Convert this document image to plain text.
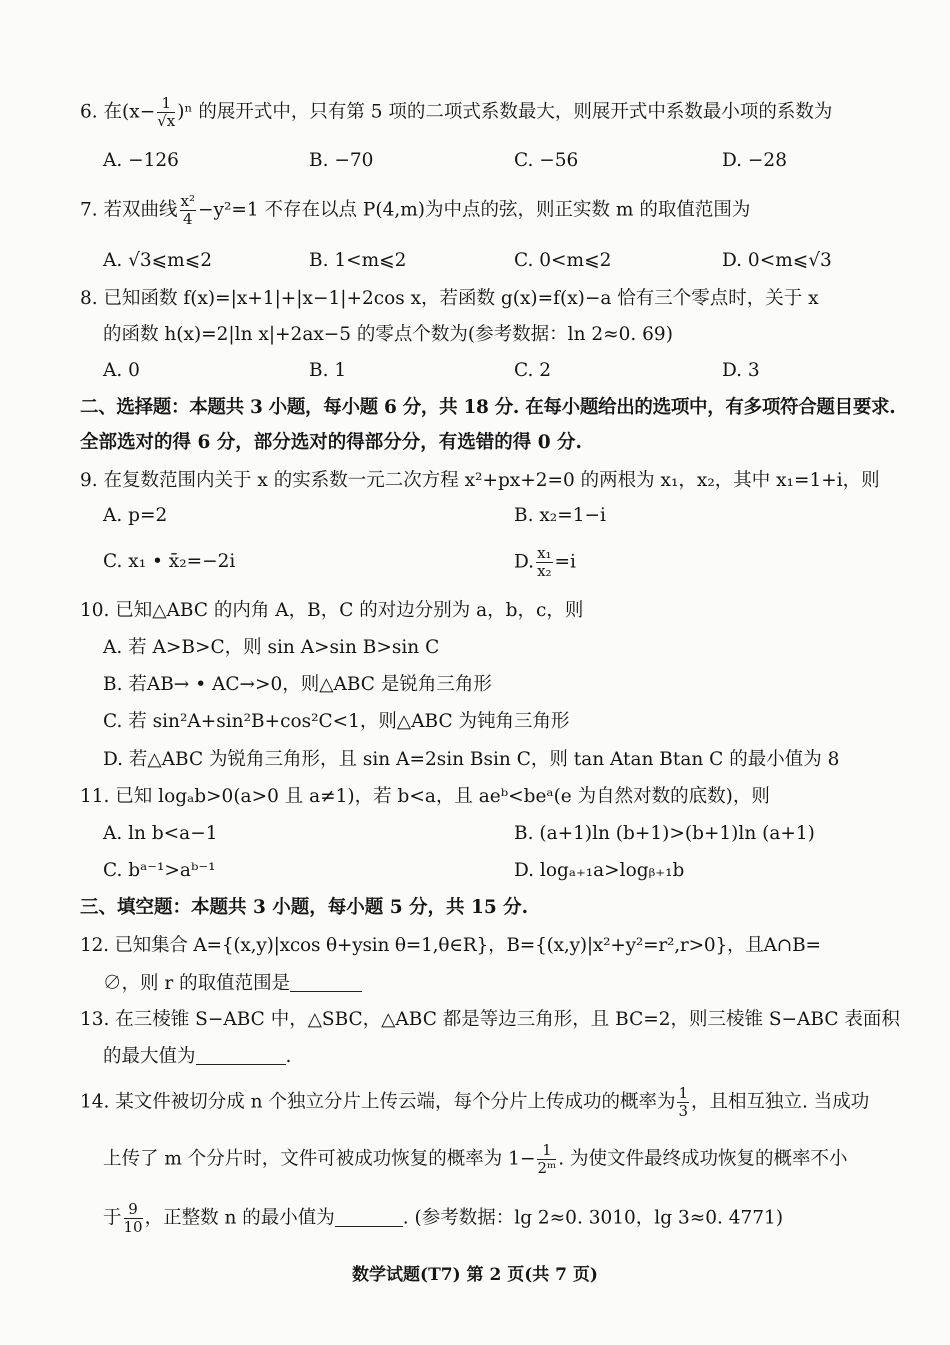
6. 在$(x- \frac{1}{√x} )^n$ 的展开式中，只有第 5 项的二项式系数最大，则展开式中系数最小项的系数为
A. −126	B. −70	C. −56	D. −28
7. 若双曲线 $\frac{\text{x²}}{4} -y^2=1$ 不存在以点 P(4,m)为中点的弦，则正实数 m 的取值范围为
A. √3⩽m⩽2	B. 1<m⩽2	C. 0<m⩽2	D. 0<m⩽√3
8. 已知函数 f(x)=|x+1|+|x−1|+2cos x，若函数 g(x)=f(x)−a 恰有三个零点时，关于 x
的函数 h(x)=2|ln x|+2ax−5 的零点个数为(参考数据：ln 2≈0. 69)
A. 0	B. 1	C. 2	D. 3
二、选择题：本题共 3 小题，每小题 6 分，共 18 分. 在每小题给出的选项中，有多项符合题目要求.
全部选对的得 6 分，部分选对的得部分分，有选错的得 0 分.
9. 在复数范围内关于 x 的实系数一元二次方程 x²+px+2=0 的两根为 x₁，x₂，其中 x₁=1+i，则
A. p=2	B. x₂=1−i
C. x₁ • x̄₂=−2i	D. $\frac{\text{x₁}}{\text{x₂}} =i$
10. 已知△ABC 的内角 A，B，C 的对边分别为 a，b，c，则
A. 若 A>B>C，则 sin A>sin B>sin C
B. 若AB→ • AC→>0，则△ABC 是锐角三角形
C. 若 sin²A+sin²B+cos²C<1，则△ABC 为钝角三角形
D. 若△ABC 为锐角三角形，且 sin A=2sin Bsin C，则 tan Atan Btan C 的最小值为 8
11. 已知 logₐb>0(a>0 且 a≠1)，若 b<a，且 aeᵇ<beᵃ(e 为自然对数的底数)，则
A. ln b<a−1	B. (a+1)ln (b+1)>(b+1)ln (a+1)
C. bᵃ⁻¹>aᵇ⁻¹	D. logₐ₊₁a>logᵦ₊₁b
三、填空题：本题共 3 小题，每小题 5 分，共 15 分.
12. 已知集合 A={(x,y)|xcos θ+ysin θ=1,θ∈R}，B={(x,y)|x²+y²=r²,r>0}，且A∩B=
∅，则 r 的取值范围是
13. 在三棱锥 S−ABC 中，△SBC，△ABC 都是等边三角形，且 BC=2，则三棱锥 S−ABC 表面积
的最大值为	.
14. 某文件被切分成 n 个独立分片上传云端，每个分片上传成功的概率为 $\frac{1}{3}$ ，且相互独立. 当成功
上传了 m 个分片时，文件可被成功恢复的概率为 $1- \frac{1}{\text{2ᵐ}}$ . 为使文件最终成功恢复的概率不小
于 $\frac{9}{10}$ ，正整数 n 的最小值为	. (参考数据：lg 2≈0. 3010，lg 3≈0. 4771)
数学试题(T7) 第 2 页(共 7 页)
